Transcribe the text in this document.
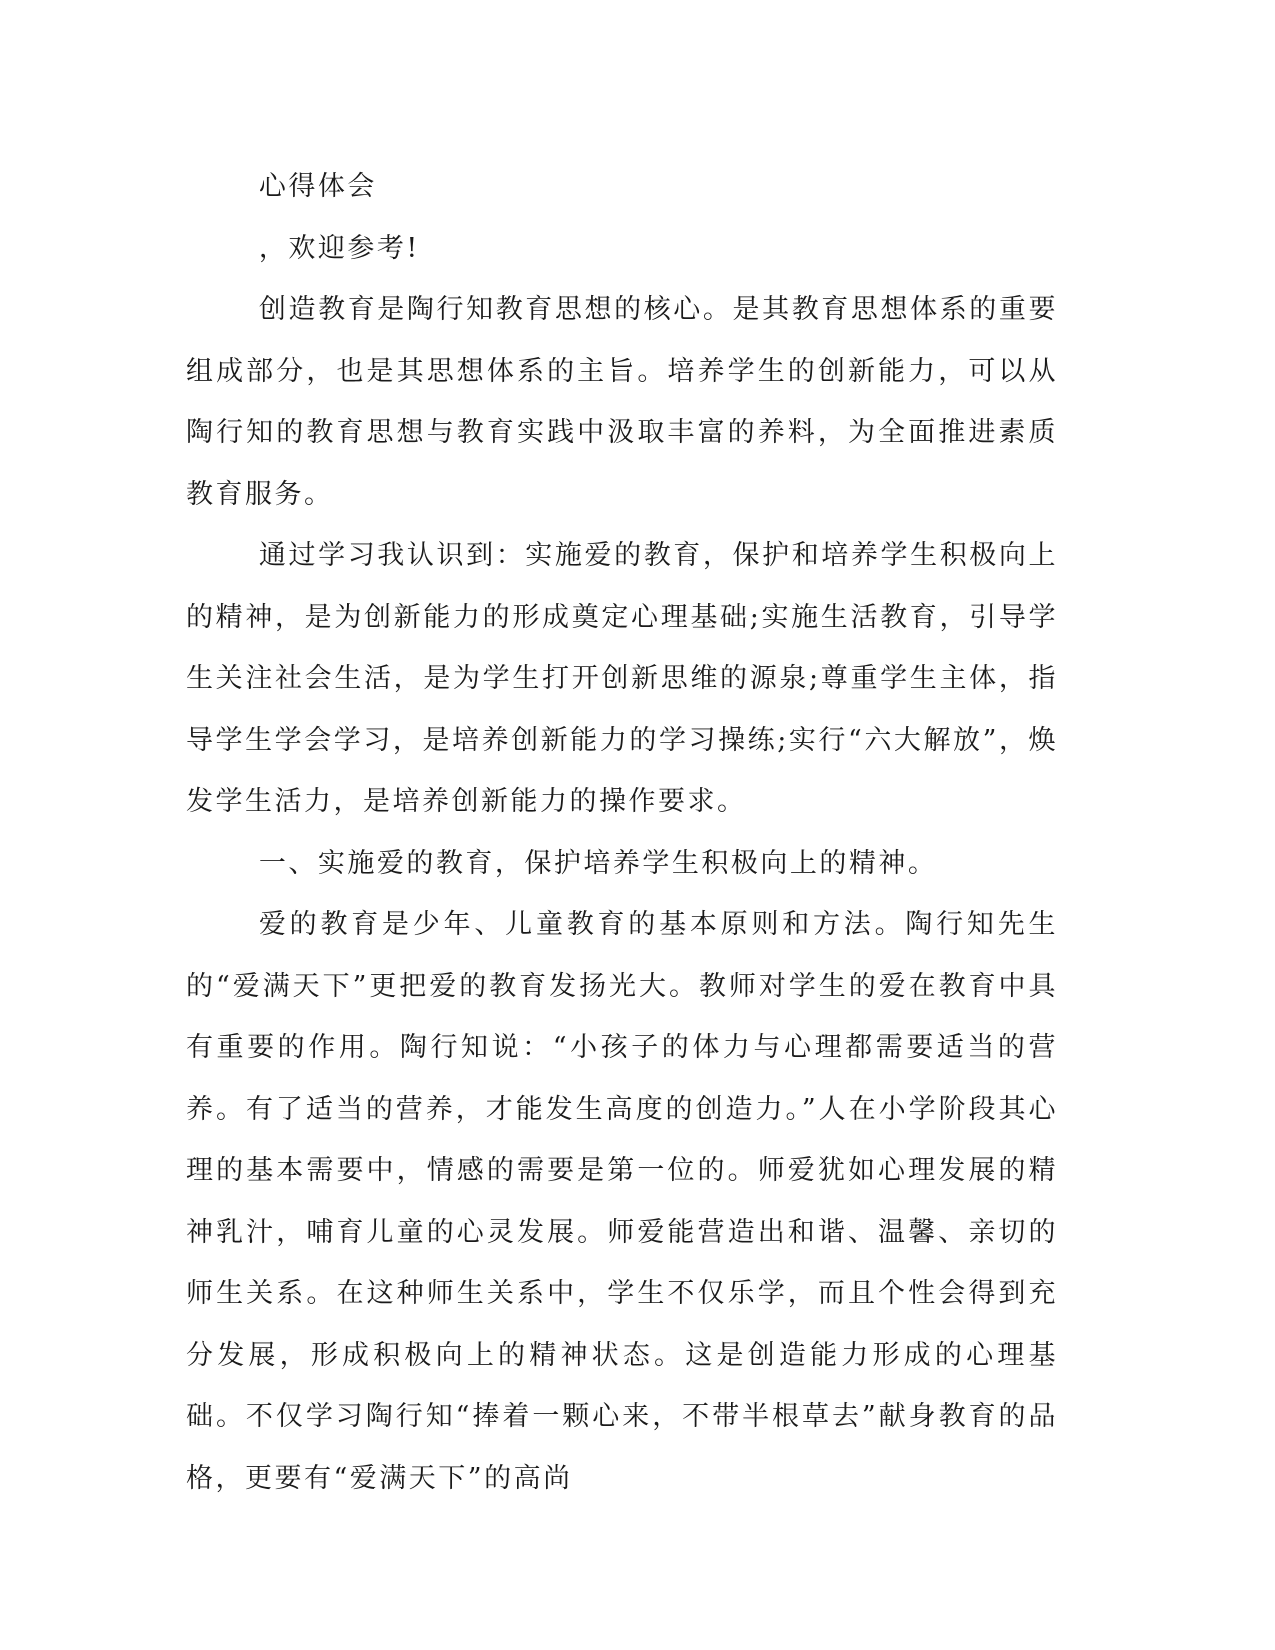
心得体会

，欢迎参考!

创造教育是陶行知教育思想的核心。是其教育思想体系的重要组成部分，也是其思想体系的主旨。培养学生的创新能力，可以从陶行知的教育思想与教育实践中汲取丰富的养料，为全面推进素质教育服务。

通过学习我认识到：实施爱的教育，保护和培养学生积极向上的精神，是为创新能力的形成奠定心理基础;实施生活教育，引导学生关注社会生活，是为学生打开创新思维的源泉;尊重学生主体，指导学生学会学习，是培养创新能力的学习操练;实行“六大解放”，焕发学生活力，是培养创新能力的操作要求。

一、实施爱的教育，保护培养学生积极向上的精神。

爱的教育是少年、儿童教育的基本原则和方法。陶行知先生的“爱满天下”更把爱的教育发扬光大。教师对学生的爱在教育中具有重要的作用。陶行知说：“小孩子的体力与心理都需要适当的营养。有了适当的营养，才能发生高度的创造力。”人在小学阶段其心理的基本需要中，情感的需要是第一位的。师爱犹如心理发展的精神乳汁，哺育儿童的心灵发展。师爱能营造出和谐、温馨、亲切的师生关系。在这种师生关系中，学生不仅乐学，而且个性会得到充分发展，形成积极向上的精神状态。这是创造能力形成的心理基础。不仅学习陶行知“捧着一颗心来，不带半根草去”献身教育的品格，更要有“爱满天下”的高尚
